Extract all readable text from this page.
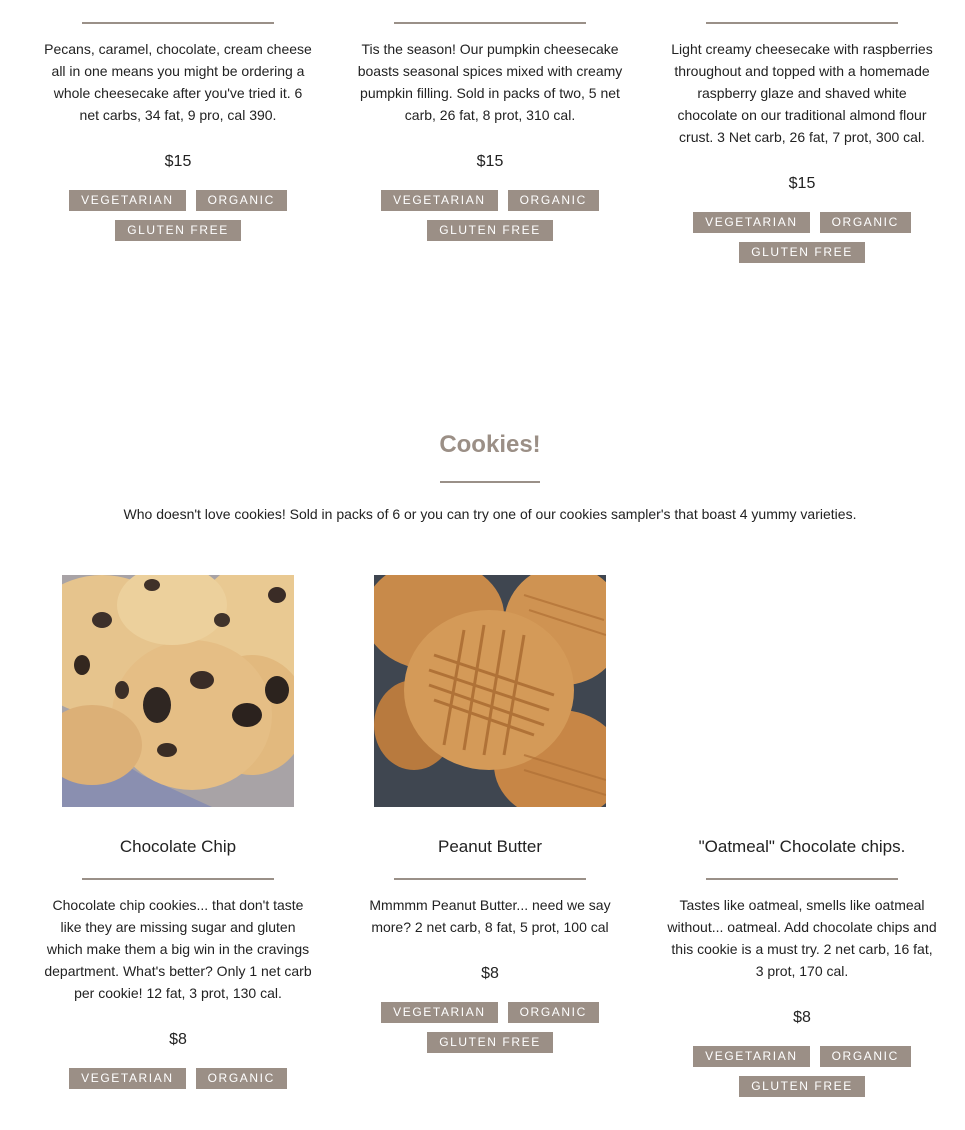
Pecans, caramel, chocolate, cream cheese all in one means you might be ordering a whole cheesecake after you've tried it. 6 net carbs, 34 fat, 9 pro, cal 390.

$15
VEGETARIAN	ORGANIC
GLUTEN FREE

Tis the season! Our pumpkin cheesecake boasts seasonal spices mixed with creamy pumpkin filling. Sold in packs of two, 5 net carb, 26 fat, 8 prot, 310 cal.

$15
VEGETARIAN	ORGANIC
GLUTEN FREE

Light creamy cheesecake with raspberries throughout and topped with a homemade raspberry glaze and shaved white chocolate on our traditional almond flour crust. 3 Net carb, 26 fat, 7 prot, 300 cal.

$15
VEGETARIAN	ORGANIC
GLUTEN FREE
Cookies!
Who doesn't love cookies! Sold in packs of 6 or you can try one of our cookies sampler's that boast 4 yummy varieties.
Chocolate Chip

Chocolate chip cookies... that don't taste like they are missing sugar and gluten which make them a big win in the cravings department. What's better? Only 1 net carb per cookie! 12 fat, 3 prot, 130 cal.

$8
VEGETARIAN	ORGANIC
Peanut Butter

Mmmmm Peanut Butter... need we say more? 2 net carb, 8 fat, 5 prot, 100 cal

$8
VEGETARIAN	ORGANIC
GLUTEN FREE
"Oatmeal" Chocolate chips.

Tastes like oatmeal, smells like oatmeal without... oatmeal. Add chocolate chips and this cookie is a must try. 2 net carb, 16 fat, 3 prot, 170 cal.

$8
VEGETARIAN	ORGANIC
GLUTEN FREE
